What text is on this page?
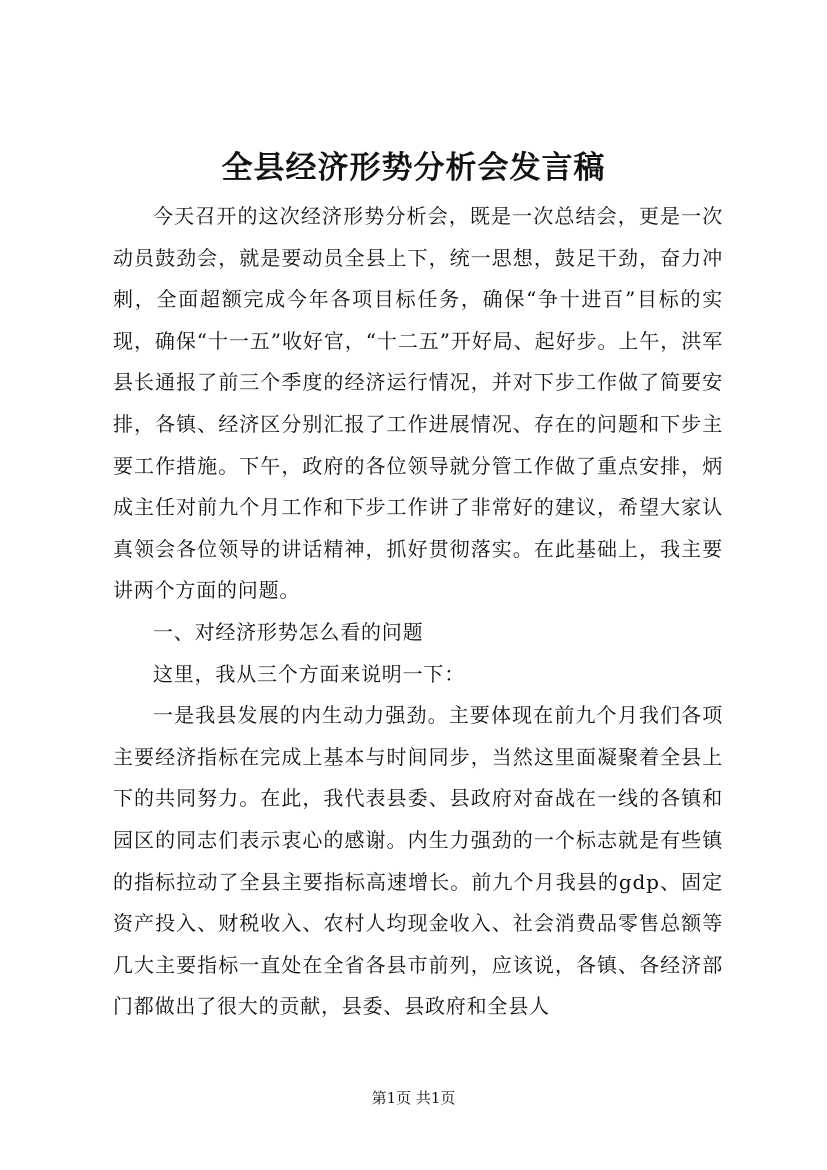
全县经济形势分析会发言稿

今天召开的这次经济形势分析会，既是一次总结会，更是一次动员鼓劲会，就是要动员全县上下，统一思想，鼓足干劲，奋力冲刺，全面超额完成今年各项目标任务，确保“争十进百”目标的实现，确保“十一五”收好官，“十二五”开好局、起好步。上午，洪军县长通报了前三个季度的经济运行情况，并对下步工作做了简要安排，各镇、经济区分别汇报了工作进展情况、存在的问题和下步主要工作措施。下午，政府的各位领导就分管工作做了重点安排，炳成主任对前九个月工作和下步工作讲了非常好的建议，希望大家认真领会各位领导的讲话精神，抓好贯彻落实。在此基础上，我主要讲两个方面的问题。

一、对经济形势怎么看的问题

这里，我从三个方面来说明一下：

一是我县发展的内生动力强劲。主要体现在前九个月我们各项主要经济指标在完成上基本与时间同步，当然这里面凝聚着全县上下的共同努力。在此，我代表县委、县政府对奋战在一线的各镇和园区的同志们表示衷心的感谢。内生力强劲的一个标志就是有些镇的指标拉动了全县主要指标高速增长。前九个月我县的gdp、固定资产投入、财税收入、农村人均现金收入、社会消费品零售总额等几大主要指标一直处在全省各县市前列，应该说，各镇、各经济部门都做出了很大的贡献，县委、县政府和全县人

第1页 共1页
